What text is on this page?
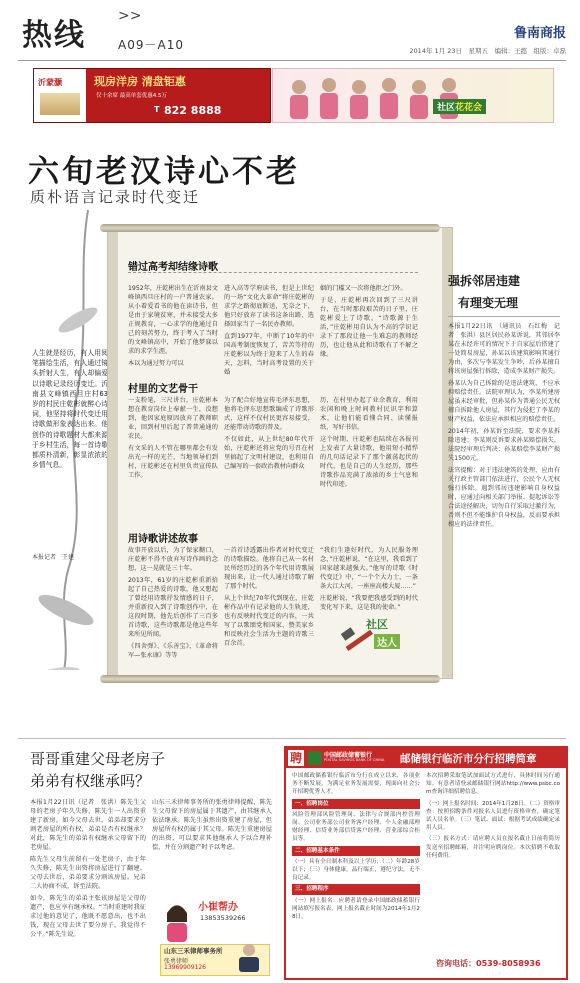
热线
>>
A09－A10
鲁南商报
2014年 1月 23日　星期五　编辑：王懿　组版：卓磊
沂蒙灏	现房洋房 清盘钜惠
仅十余席 最高单套优惠4.5万
T 822 8888	社区花花会
六旬老汉诗心不老
质朴语言记录时代变迁
人生就是经历，有人用阅笔描绘生活，有人通过镜头折射人生，有人却偏爱以诗歌记录经历变迁。沂南县文峰镇西旦庄村63岁的村民庄乾彬就醉心诗词，他坚持将时代变迁用诗歌做形象表达出来。他创作的诗歌题材大都来源于乡村生活，每一首诗歌都质朴清新，彰显浓浓的乡情气息。
本报记者　王建
错过高考却结缘诗歌

1952年，庄乾彬出生在沂南县文峰镇西旦庄村的一户普通农家。从小着爱看书的他在读诗书，但是由于家境贫寒，并未接受大多正规教育，一心求学的他通过自己的刻苦努力，终于考入了当时的文峰镇高中，开始了他梦寐以求的求学生涯。

本以为通过努力可以

进入高等学府读书，但是上世纪的一场“文化大革命”将庄乾彬的求学之路彻底断送，无奈之下，他只好放弃了读书这条出路，选择回家当了一名民办教师。

直到1977年，中断了10年的中国高考制度恢复了，苦苦等待的庄乾彬以为终于迎来了人生的春天，怎料，当时高考设置的关于婚

姻的门槛又一次将他拒之门外。

于是，庄乾彬再次回到了三尺讲台，在当时那段艰苦的日子里，庄乾彬爱上了诗歌，“诗歌源于生活，”庄乾彬用自认为不高的学识记录下了那段让他一生难忘的教师经历，也让他从此和诗歌有了不解之缘。

村里的文艺骨干

一支粉笔，三尺讲台，庄乾彬本想在教育岗位上奉献一生，没想到，他因家庭原因放弃了教师职业，回到村里后起了普普通通的农民。

有文采的人不管在哪里都会有发出光一样的光芒，当地领导们到村，庄乾彬还在村里负责宣传队工作。

为了配合好地宣传毛泽东思想，他将毛泽东思想歌编成了诗歌形式，这样不仅村民更容易接受，还能带动诗歌的普及。

不仅如此，从上世纪80年代开始，庄乾彬还将应党的号召在村里搞起了文明村建设，也利用自己编写的一套政治教材向群众

历，在村里办起了业余教育，利用农闲和晚上时间教村民识字和算术，让他们能看懂合同、读懂报纸、写好书信。

这个时期，庄乾彬也陆续在各报刊上发表了大量诗歌，他用短小精悍的几句话记录下了那个激荡起伏的时代，也是自己的人生经历，那些诗歌作品充满了浓浓的乡土气息和时代印迹。

用诗歌讲述故事

故事开放以后，为了保家糊口，庄乾彬不得不放弃写诗作画的念想，这一晃就是三十年。

2013年，61岁的庄乾彬重新拾起了自己热爱的诗歌，他又想起了曾经用诗歌抒发情感的日子，并重新投入到了诗歌创作中，在这段时期，他先后创作了三百多首诗歌，这些诗歌都是他这些年来所见所闻。

《四舍弹》、《乐善宝》、《革命将军—张永康》等等

一首首诗透露出作者对时代变迁的诗歌描绘。他将自己从一名村民所经历过的各个年代用诗歌展现出来，让一代人通过诗歌了解了那个时代。

从上个世纪70年代到现在，庄乾彬作品中有记录他的人生轨迹，也有反映时代变迁的内容，一共写了以歌颂党和国家、赞美家乡和反映社会生活为主题的诗歌三百余首。

“我们生逢好时代，为人民服务理念，”庄乾彬说，“在这里，我看到了国家越来越强大。”他写的诗歌《时代变迁》中，“一个个大力士，一条条大江大河，一座座高楼大厦……”

庄乾彬说，“我要把我感受到的时代变化写下来，这是我的使命。”

社区
达人
强拆邻居违建
有理变无理

本报1月22日讯　（通讯员　石红梅　记者　张洪）县区居民孙某诉说，其邻居李某在未经许可的情况下于自家屋后搭建了一处简易房屋，孙某以该建筑影响其通行为由，多次与李某发生争吵，后孙某擅自将该房屋强行拆除，造成李某财产损失。

孙某认为自己拆除的是违法建筑，不应承担赔偿责任。法院审理认为，李某所建房屋虽未经审批，但孙某作为普通公民无权擅自拆除他人房屋，其行为侵犯了李某的财产权益，依法应承担相应的赔偿责任。

2014年初，孙某诉至法院，要求李某拆除违建；李某则反诉要求孙某赔偿损失。法院经审理后判决：孙某赔偿李某财产损失1500元。

法官提醒：对于违法建筑的处理，应由有关行政主管部门依法进行，公民个人无权强行拆除。遇到邻居违建影响自身权益时，应通过向相关部门举报、提起诉讼等合法途径解决，切勿自行采取过激行为，否则不但不能维护自身权益，反而要承担相应的法律责任。

哥哥重建父母老房子
弟弟有权继承吗？

本报1月22日讯（记者　张洪）陈先生父母的老房子年久失修，陈先生一人出资重建了新房。如今父母去世，弟弟却要求分割老房屋的所有权，弟弟是否有权继承？对此，陈先生的弟弟有权继承父母留下的老房屋。

陈先生父母生前留有一处老房子，由于年久失修，陈先生出资将房屋进行了翻建。父母去世后，弟弟要求分割该房屋。兄弟二人协商不成，诉至法院。

如今，陈先生的弟弟主张该房屋是父母的遗产，也应享有继承权。“当时重建时我征求过他的意见了，他既不愿意出，也不出钱，现在父母去世了要分房子，我觉得不公平。”陈先生说。

山东三禾律师事务所的张勇律师提醒，陈先生父母留下的房屋属于其遗产，由其继承人依法继承。陈先生虽然出资重建了房屋，但房屋所有权仍属于其父母。陈先生重建房屋的出资，可以要求其他继承人予以合理补偿，并在分割遗产时予以考虑。
小崔帮办
13853539266
山东三禾律师事务所
张勇律师
13969909126
聘	中国邮政储蓄银行
POSTAL SAVINGS BANK OF CHINA 邮储银行临沂市分行招聘简章

中国邮政储蓄银行临沂市分行在成立以来，各项业务不断发展，为满足业务发展需要，现面向社会公开招聘优秀人才。

一、招聘岗位

风险管理部风险管理岗、法律与合规部内控管理岗、公司业务部公司业务客户经理、个人金融部理财经理、信贷业务部信贷客户经理、营业部综合柜员等。

二、招聘基本条件

（一）具有全日制本科及以上学历；（二）年龄28岁以下；（三）身体健康，品行端正，遵纪守法，无不良记录。

三、招聘程序

（一）网上报名：应聘者请登录中国邮政储蓄银行网站填写报名表，网上报名截止时间为2014年1月28日。

本次招聘采取笔试加面试方式进行，具体时间另行通知。有意者请登录邮储银行网站http://www.psbc.com查询详细招聘信息。

（一）网上报名时间：2014年1月28日。（二）资格审查：按照招聘条件对报名人员进行资格审查，确定笔试人员名单。（三）笔试、面试：根据考试成绩确定录用人员。

（三）报名方式：请应聘人员在报名截止日前将简历发送至招聘邮箱，并注明应聘岗位。本次招聘不收取任何费用。

咨询电话：0539-8058936
